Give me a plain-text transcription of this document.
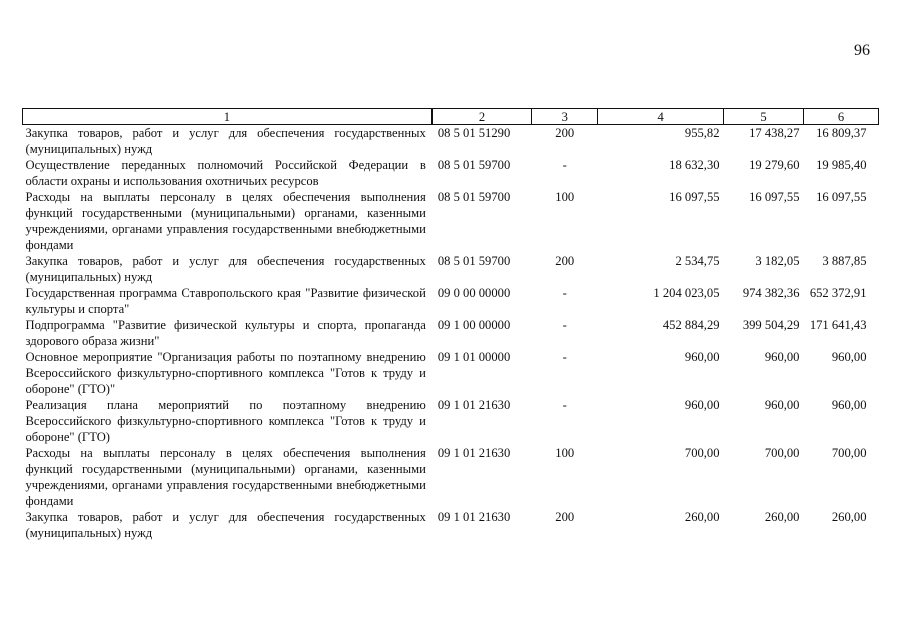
96
1	2	3	4	5	6
Закупка товаров, работ и услуг для обеспечения государственных (муниципальных) нужд	08 5 01 51290	200	955,82	17 438,27	16 809,37
Осуществление переданных полномочий Российской Федерации в области охраны и использования охотничьих ресурсов	08 5 01 59700	-	18 632,30	19 279,60	19 985,40
Расходы на выплаты персоналу в целях обеспечения выполнения функций государственными (муниципальными) органами, казенными учреждениями, органами управления государственными внебюджетными фондами	08 5 01 59700	100	16 097,55	16 097,55	16 097,55
Закупка товаров, работ и услуг для обеспечения государственных (муниципальных) нужд	08 5 01 59700	200	2 534,75	3 182,05	3 887,85
Государственная программа Ставропольского края "Развитие физической культуры и спорта"	09 0 00 00000	-	1 204 023,05	974 382,36	652 372,91
Подпрограмма "Развитие физической культуры и спорта, пропаганда здорового образа жизни"	09 1 00 00000	-	452 884,29	399 504,29	171 641,43
Основное мероприятие "Организация работы по поэтапному внедрению Всероссийского физкультурно-спортивного комплекса "Готов к труду и обороне" (ГТО)"	09 1 01 00000	-	960,00	960,00	960,00
Реализация плана мероприятий по поэтапному внедрению Всероссийского физкультурно-спортивного комплекса "Готов к труду и обороне" (ГТО)	09 1 01 21630	-	960,00	960,00	960,00
Расходы на выплаты персоналу в целях обеспечения выполнения функций государственными (муниципальными) органами, казенными учреждениями, органами управления государственными внебюджетными фондами	09 1 01 21630	100	700,00	700,00	700,00
Закупка товаров, работ и услуг для обеспечения государственных (муниципальных) нужд	09 1 01 21630	200	260,00	260,00	260,00
